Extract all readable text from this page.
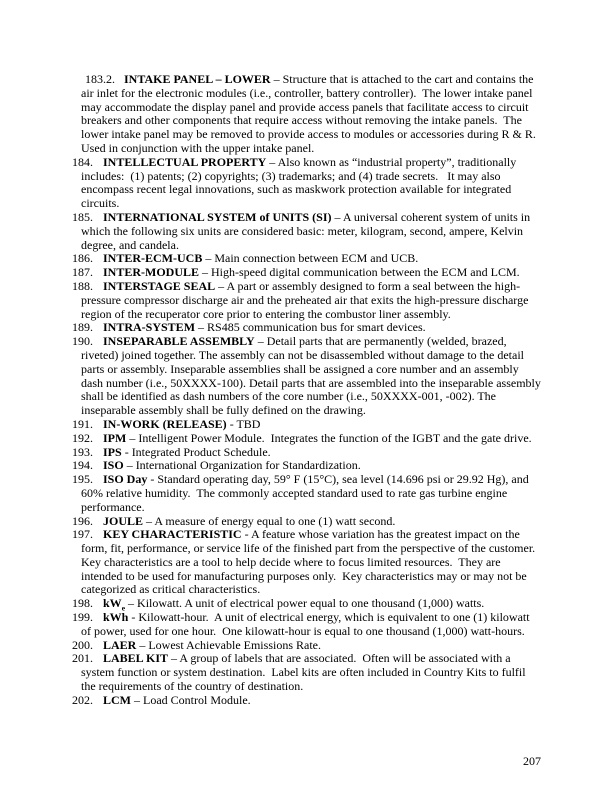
183.2. INTAKE PANEL – LOWER – Structure that is attached to the cart and contains the air inlet for the electronic modules (i.e., controller, battery controller).  The lower intake panel may accommodate the display panel and provide access panels that facilitate access to circuit breakers and other components that require access without removing the intake panels.  The lower intake panel may be removed to provide access to modules or accessories during R & R.  Used in conjunction with the upper intake panel.
184. INTELLECTUAL PROPERTY – Also known as “industrial property”, traditionally includes:  (1) patents; (2) copyrights; (3) trademarks; and (4) trade secrets.   It may also encompass recent legal innovations, such as maskwork protection available for integrated circuits.
185. INTERNATIONAL SYSTEM of UNITS (SI) – A universal coherent system of units in which the following six units are considered basic: meter, kilogram, second, ampere, Kelvin degree, and candela.
186. INTER-ECM-UCB – Main connection between ECM and UCB.
187. INTER-MODULE – High-speed digital communication between the ECM and LCM.
188. INTERSTAGE SEAL – A part or assembly designed to form a seal between the high-pressure compressor discharge air and the preheated air that exits the high-pressure discharge region of the recuperator core prior to entering the combustor liner assembly.
189. INTRA-SYSTEM – RS485 communication bus for smart devices.
190. INSEPARABLE ASSEMBLY – Detail parts that are permanently (welded, brazed, riveted) joined together. The assembly can not be disassembled without damage to the detail parts or assembly. Inseparable assemblies shall be assigned a core number and an assembly dash number (i.e., 50XXXX-100). Detail parts that are assembled into the inseparable assembly shall be identified as dash numbers of the core number (i.e., 50XXXX-001, -002). The inseparable assembly shall be fully defined on the drawing.
191. IN-WORK (RELEASE) - TBD
192. IPM – Intelligent Power Module.  Integrates the function of the IGBT and the gate drive.
193. IPS - Integrated Product Schedule.
194. ISO – International Organization for Standardization.
195. ISO Day - Standard operating day, 59° F (15°C), sea level (14.696 psi or 29.92 Hg), and 60% relative humidity.  The commonly accepted standard used to rate gas turbine engine performance.
196. JOULE – A measure of energy equal to one (1) watt second.
197. KEY CHARACTERISTIC - A feature whose variation has the greatest impact on the form, fit, performance, or service life of the finished part from the perspective of the customer.  Key characteristics are a tool to help decide where to focus limited resources.  They are intended to be used for manufacturing purposes only.  Key characteristics may or may not be categorized as critical characteristics.
198. $kW_e$ – Kilowatt. A unit of electrical power equal to one thousand (1,000) watts.
199. kWh - Kilowatt-hour.  A unit of electrical energy, which is equivalent to one (1) kilowatt of power, used for one hour.  One kilowatt-hour is equal to one thousand (1,000) watt-hours.
200. LAER – Lowest Achievable Emissions Rate.
201. LABEL KIT – A group of labels that are associated.  Often will be associated with a system function or system destination.  Label kits are often included in Country Kits to fulfil the requirements of the country of destination.
202. LCM – Load Control Module.
207
